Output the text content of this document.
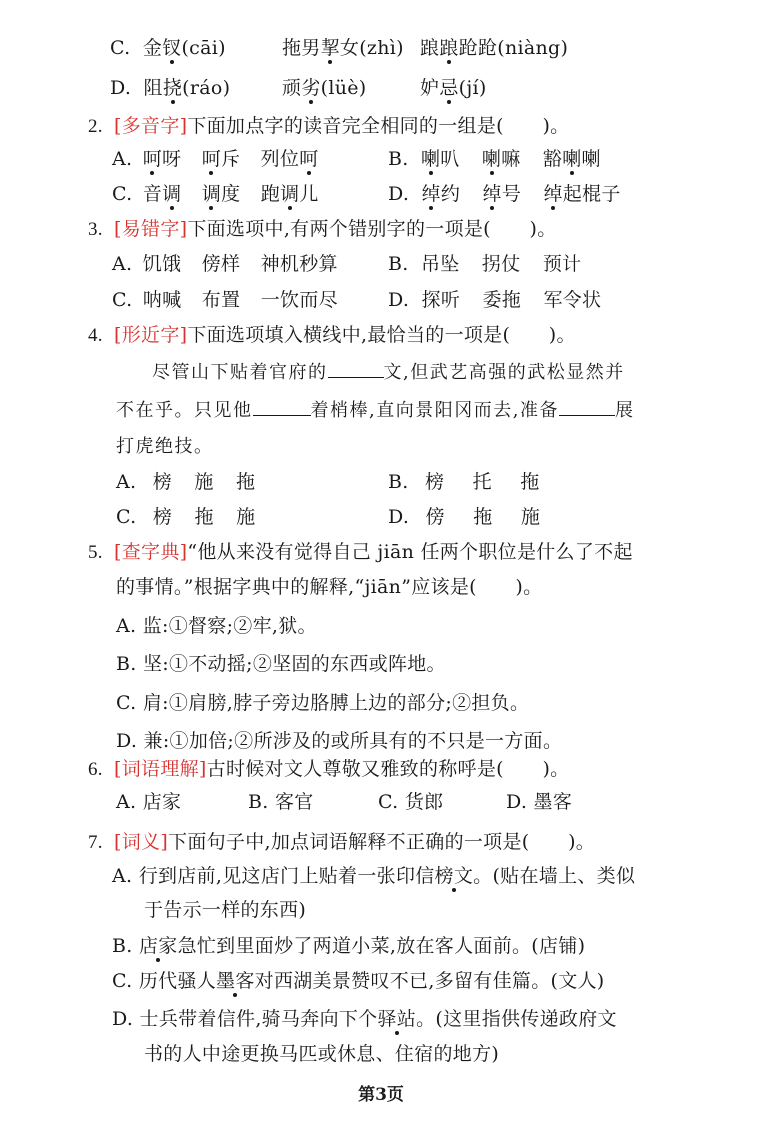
C. 金钗(cāi)	拖男挈女(zhì) 踉踉跄跄(niàng)
D. 阻挠(ráo)	顽劣(lüè)	妒忌(jí)
2. [多音字]下面加点字的读音完全相同的一组是(　　)。
A. 呵呀 呵斥 列位呵	B. 喇叭 喇嘛 豁喇喇
C. 音调 调度 跑调儿	D. 绰约 绰号 绰起棍子
3. [易错字]下面选项中,有两个错别字的一项是(　　)。
A. 饥饿 傍样 神机秒算	B. 吊坠 拐仗 预计
C. 呐喊 布置 一饮而尽	D. 探听 委拖 军令状
4. [形近字]下面选项填入横线中,最恰当的一项是(　　)。
尽管山下贴着官府的	文,但武艺高强的武松显然并
不在乎。只见他	着梢棒,直向景阳冈而去,准备	展
打虎绝技。
A. 榜 施 拖	B. 榜 托 拖
C. 榜 拖 施	D. 傍 拖 施
5. [查字典]“他从来没有觉得自己 jiān 任两个职位是什么了不起
的事情。”根据字典中的解释,“jiān”应该是(　　)。
A. 监:①督察;②牢,狱。
B. 坚:①不动摇;②坚固的东西或阵地。
C. 肩:①肩膀,脖子旁边胳膊上边的部分;②担负。
D. 兼:①加倍;②所涉及的或所具有的不只是一方面。
6. [词语理解]古时候对文人尊敬又雅致的称呼是(　　)。
A. 店家	B. 客官	C. 货郎	D. 墨客
7. [词义]下面句子中,加点词语解释不正确的一项是(　　)。
A. 行到店前,见这店门上贴着一张印信榜文。(贴在墙上、类似
于告示一样的东西)
B. 店家急忙到里面炒了两道小菜,放在客人面前。(店铺)
C. 历代骚人墨客对西湖美景赞叹不已,多留有佳篇。(文人)
D. 士兵带着信件,骑马奔向下个驿站。(这里指供传递政府文
书的人中途更换马匹或休息、住宿的地方)
第3页
